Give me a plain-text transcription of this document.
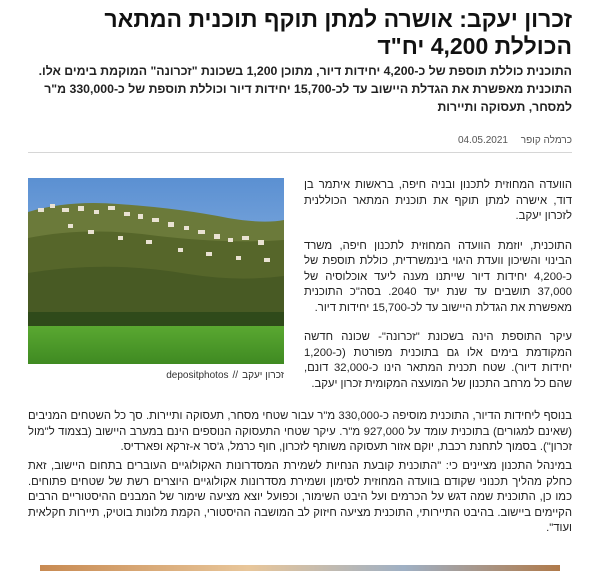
זכרון יעקב: אושרה למתן תוקף תוכנית המתאר הכוללת 4,200 יח"ד

התוכנית כוללת תוספת של כ-4,200 יחידות דיור, מתוכן 1,200 בשכונת "זכרונה" המוקמת בימים אלו. התוכנית מאפשרת את הגדלת היישוב עד לכ-15,700 יחידות דיור וכוללת תוספת של כ-330,000 מ"ר למסחר, תעסוקה ותיירות

כרמלה קופר 04.05.2021

הוועדה המחוזית לתכנון ובניה חיפה, בראשות איתמר בן דוד, אישרה למתן תוקף את תוכנית המתאר הכוללנית לזכרון יעקב.

התוכנית, יוזמת הוועדה המחוזית לתכנון חיפה, משרד הבינוי והשיכון וועדת היגוי בינמשרדית, כוללת תוספת של כ-4,200 יחידות דיור שייתנו מענה ליעד אוכלוסיה של 37,000 תושבים עד שנת יעד 2040. בסה"כ התוכנית מאפשרת את הגדלת היישוב עד לכ-15,700 יחידות דיור.

עיקר התוספת הינה בשכונת "זכרונה"- שכונה חדשה המקודמת בימים אלו גם בתוכנית מפורטת (כ-1,200 יחידות דיור). שטח תכנית המתאר הינו כ-32,000 דונם, שהם כל מרחב התכנון של המועצה המקומית זכרון יעקב.

זכרון יעקב//depositphotos

בנוסף ליחידות הדיור, התוכנית מוסיפה כ-330,000 מ"ר עבור שטחי מסחר, תעסוקה ותיירות. סך כל השטחים המניבים (שאינם למגורים) בתוכנית עומד על 927,000 מ"ר. עיקר שטחי התעסוקה הנוספים הינם במערב היישוב (בצמוד ל"מול זכרון"). בסמוך לתחנת רכבת, יוקם אזור תעסוקה משותף לזכרון, חוף כרמל, ג'סר א-זרקא ופארדיס.

במינהל התכנון מציינים כי: "התוכנית קובעת הנחיות לשמירת המסדרונות האקולוגיים העוברים בתחום היישוב, זאת כחלק מהליך תכנוני שקודם בוועדה המחוזית לסימון ושמירת מסדרונות אקולוגיים היוצרים רשת של שטחים פתוחים. כמו כן, התוכנית שמה דגש על הכרמים ועל היבט השימור, וכפועל יוצא מציעה שימור של המבנים ההיסטוריים הרבים הקיימים ביישוב. בהיבט התיירותי, התוכנית מציעה חיזוק לב המושבה ההיסטורי, הקמת מלונות בוטיק, תיירות חקלאית ועוד".
